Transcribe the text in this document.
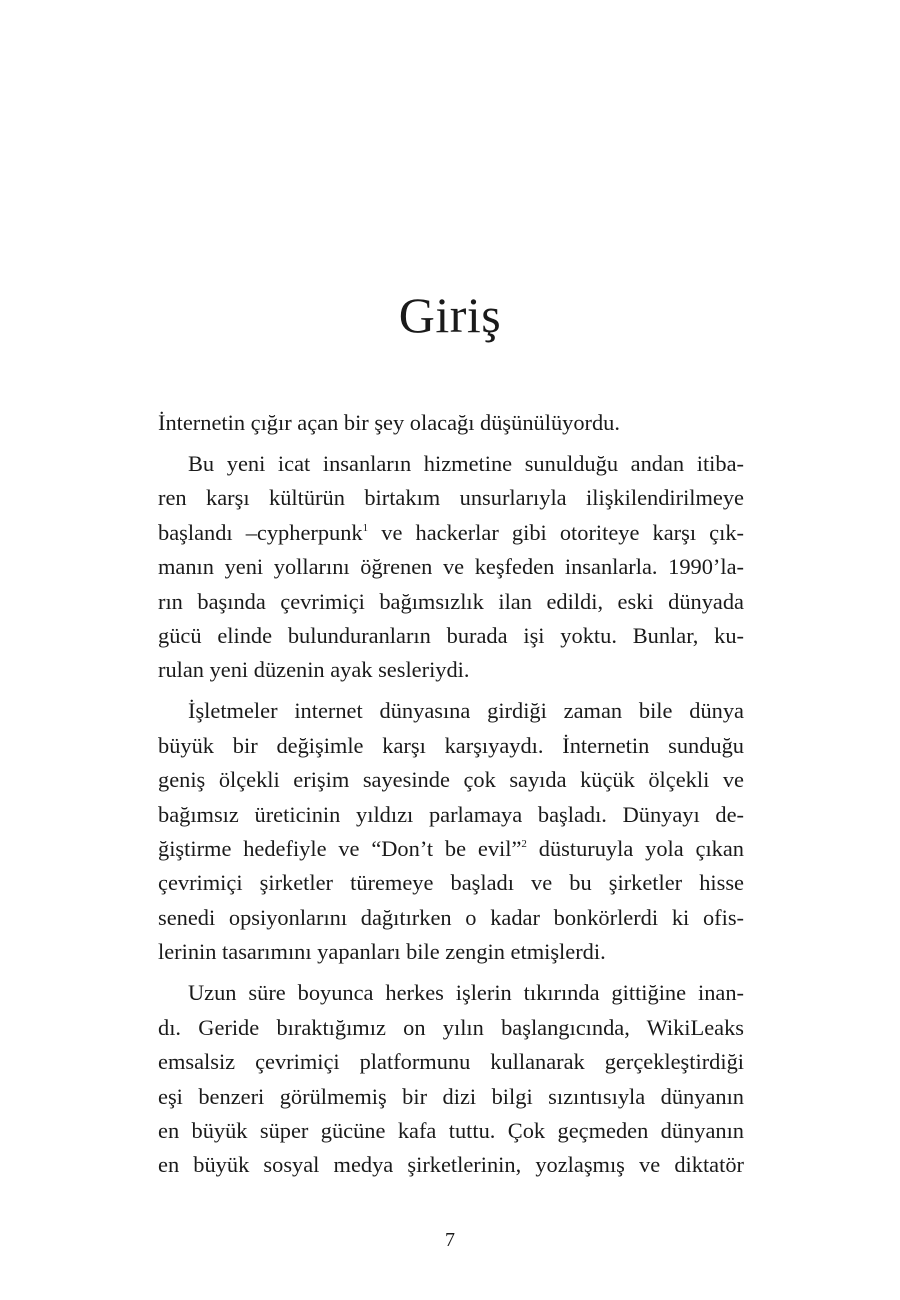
Giriş

İnternetin çığır açan bir şey olacağı düşünülüyordu.

Bu yeni icat insanların hizmetine sunulduğu andan itiba-
ren karşı kültürün birtakım unsurlarıyla ilişkilendirilmeye
başlandı –cypherpunk$^1$ ve hackerlar gibi otoriteye karşı çık-
manın yeni yollarını öğrenen ve keşfeden insanlarla. 1990’la-
rın başında çevrimiçi bağımsızlık ilan edildi, eski dünyada
gücü elinde bulunduranların burada işi yoktu. Bunlar, ku-
rulan yeni düzenin ayak sesleriydi.

İşletmeler internet dünyasına girdiği zaman bile dünya
büyük bir değişimle karşı karşıyaydı. İnternetin sunduğu
geniş ölçekli erişim sayesinde çok sayıda küçük ölçekli ve
bağımsız üreticinin yıldızı parlamaya başladı. Dünyayı de-
ğiştirme hedefiyle ve “Don’t be evil”$^2$ düsturuyla yola çıkan
çevrimiçi şirketler türemeye başladı ve bu şirketler hisse
senedi opsiyonlarını dağıtırken o kadar bonkörlerdi ki ofis-
lerinin tasarımını yapanları bile zengin etmişlerdi.

Uzun süre boyunca herkes işlerin tıkırında gittiğine inan-
dı. Geride bıraktığımız on yılın başlangıcında, WikiLeaks
emsalsiz çevrimiçi platformunu kullanarak gerçekleştirdiği
eşi benzeri görülmemiş bir dizi bilgi sızıntısıyla dünyanın
en büyük süper gücüne kafa tuttu. Çok geçmeden dünyanın
en büyük sosyal medya şirketlerinin, yozlaşmış ve diktatör

7
